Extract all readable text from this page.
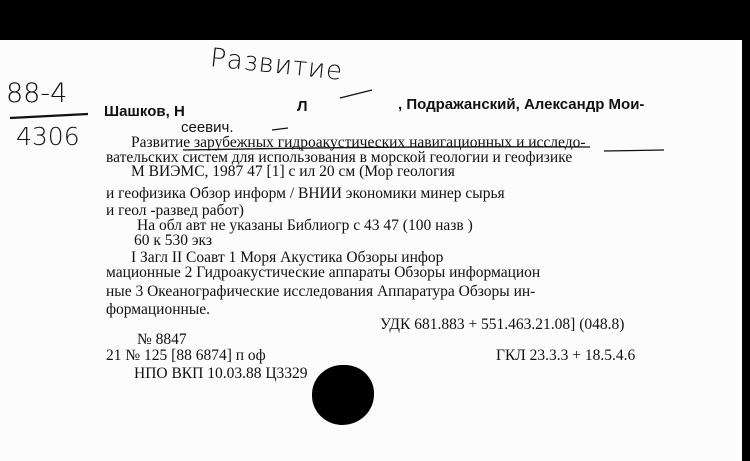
Развитие
88-4
4306
Шашков, Н	Л	, Подражанский, Александр Мои-
сеевич.
Развитие зарубежных гидроакустических навигационных и исследо-
вательских систем для использования в морской геологии и геофизике
М ВИЭМС, 1987 47 [1] с ил 20 см (Мор геология
и геофизика Обзор информ / ВНИИ экономики минер сырья
и геол -развед работ)
На обл авт не указаны Библиогр с 43 47 (100 назв )
60 к 530 экз
I Загл II Соавт 1 Моря Акустика Обзоры инфор
мационные 2 Гидроакустические аппараты Обзоры информацион
ные 3 Океанографические исследования Аппаратура Обзоры ин-
формационные.
УДК 681.883 + 551.463.21.08] (048.8)
№ 8847
21 № 125 [88 6874] п оф	ГКЛ 23.3.3 + 18.5.4.6
НПО ВКП 10.03.88 Ц3329
